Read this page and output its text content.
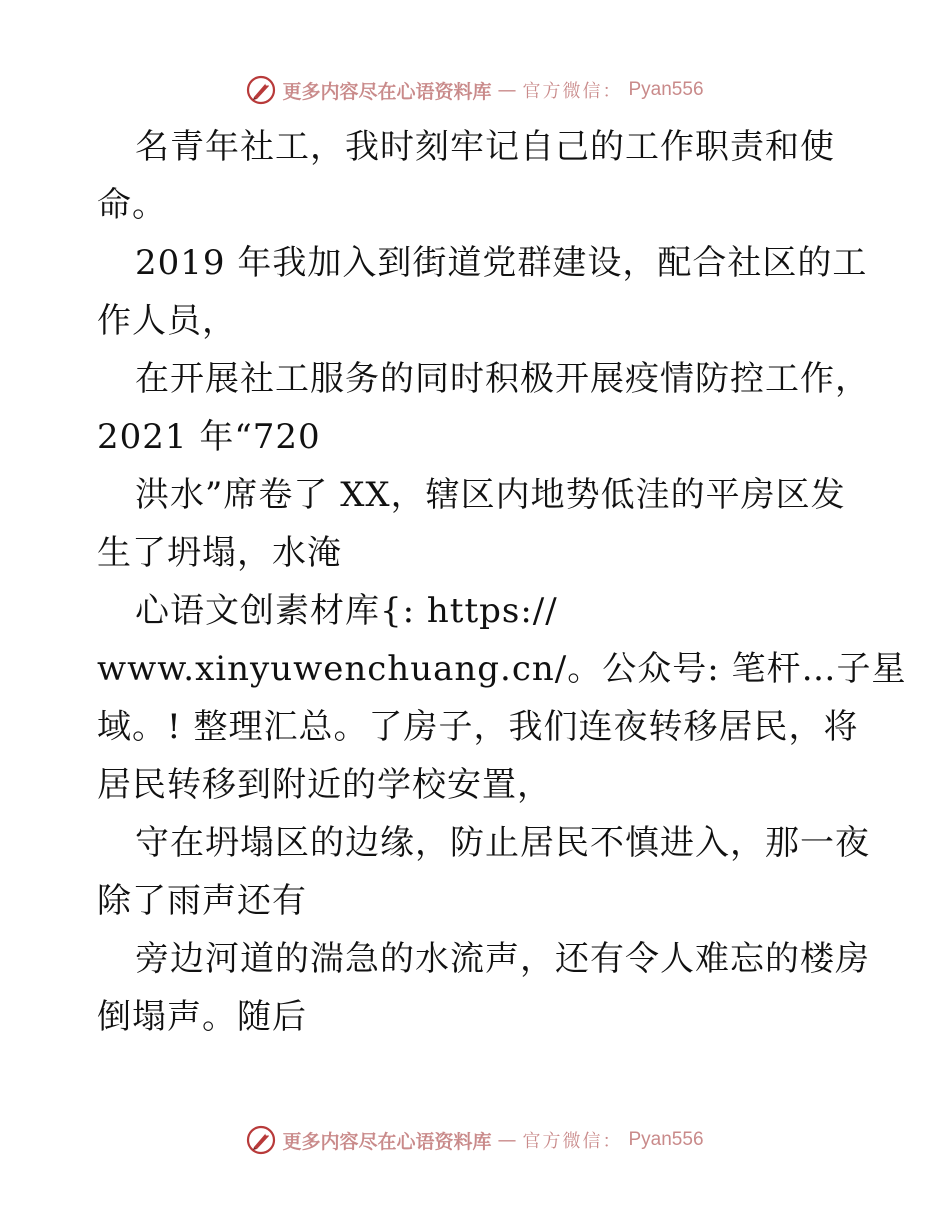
更多内容尽在心语资料库 — 官方微信： Pyan556
名青年社工，我时刻牢记自己的工作职责和使
命。
2019 年我加入到街道党群建设，配合社区的工
作人员，
在开展社工服务的同时积极开展疫情防控工作，
2021 年“720
洪水”席卷了 XX，辖区内地势低洼的平房区发
生了坍塌，水淹
心语文创素材库{: https://
www.xinyuwenchuang.cn/。公众号: 笔杆…子星
域。! 整理汇总。了房子，我们连夜转移居民，将
居民转移到附近的学校安置，
守在坍塌区的边缘，防止居民不慎进入，那一夜
除了雨声还有
旁边河道的湍急的水流声，还有令人难忘的楼房
倒塌声。随后
更多内容尽在心语资料库 — 官方微信： Pyan556
